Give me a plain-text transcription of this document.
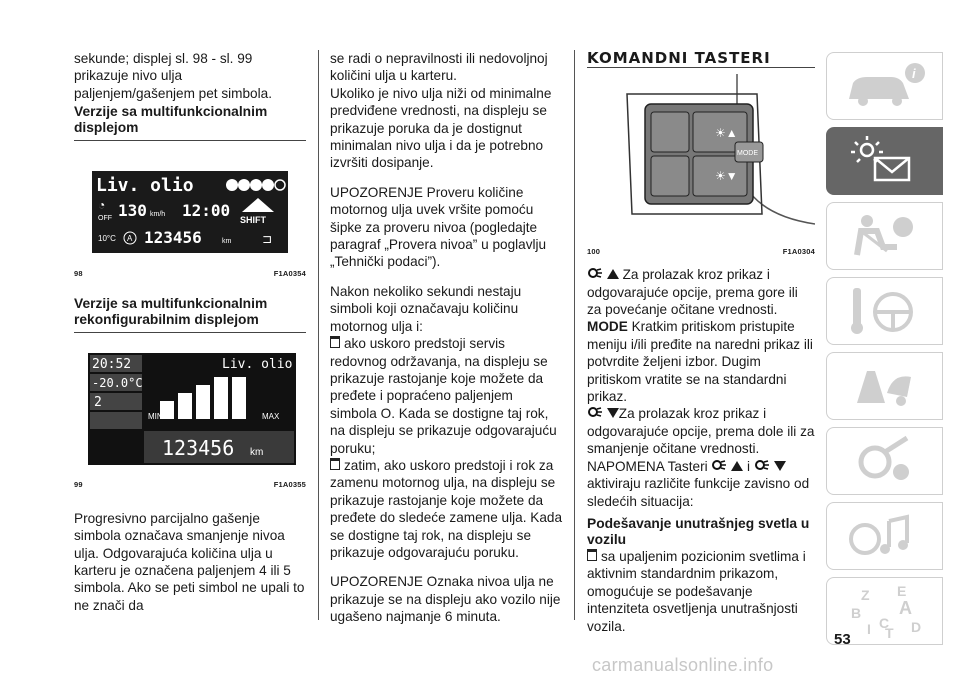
sekunde; displej sl. 98 - sl. 99 prikazuje nivo ulja paljenjem/gašenjem pet simbola.

Verzije sa multifunkcionalnim displejom

Liv. olio
◔
OFF 130 km/h 12:00 SHIFT
10°C A 123456	km	⊐
98	F1A0354

Verzije sa multifunkcionalnim rekonfigurabilnim displejom

20:52
-20.0°C
2
Liv. olio
MIN	MAX
123456 km
99	F1A0355

Progresivno parcijalno gašenje simbola označava smanjenje nivoa ulja. Odgovarajuća količina ulja u karteru je označena paljenjem 4 ili 5 simbola. Ako se peti simbol ne upali to ne znači da

se radi o nepravilnosti ili nedovoljnoj količini ulja u karteru.

Ukoliko je nivo ulja niži od minimalne predviđene vrednosti, na displeju se prikazuje poruka da je dostignut minimalan nivo ulja i da je potrebno izvršiti dosipanje.

UPOZORENJE Proveru količine motornog ulja uvek vršite pomoću šipke za proveru nivoa (pogledajte paragraf „Provera nivoa” u poglavlju „Tehnički podaci”).

Nakon nekoliko sekundi nestaju simboli koji označavaju količinu motornog ulja i:

ako uskoro predstoji servis redovnog održavanja, na displeju se prikazuje rastojanje koje možete da pređete i popraćeno paljenjem simbola O. Kada se dostigne taj rok, na displeju se prikazuje odgovarajuću poruku;

zatim, ako uskoro predstoji i rok za zamenu motornog ulja, na displeju se prikazuje rastojanje koje možete da pređete do sledeće zamene ulja. Kada se dostigne taj rok, na displeju se prikazuje odgovarajuću poruku.

UPOZORENJE Oznaka nivoa ulja ne prikazuje se na displeju ako vozilo nije ugašeno najmanje 6 minuta.

KOMANDNI TASTERI

☀▲
☀▼
MODE
100	F1A0304

Za prolazak kroz prikaz i odgovarajuće opcije, prema gore ili za povećanje očitane vrednosti.

MODE Kratkim pritiskom pristupite meniju i/ili pređite na naredni prikaz ili potvrdite željeni izbor. Dugim pritiskom vratite se na standardni prikaz.

Za prolazak kroz prikaz i odgovarajuće opcije, prema dole ili za smanjenje očitane vrednosti.

NAPOMENA Tasteri	i   aktiviraju različite funkcije zavisno od sledećih situacija:

Podešavanje unutrašnjeg svetla u vozilu

sa upaljenim pozicionim svetlima i aktivnim standardnim prikazom, omogućuje se podešavanje intenziteta osvetljenja unutrašnjosti vozila.

i
Z E
B A
I C
T D
53
carmanualsonline.info
